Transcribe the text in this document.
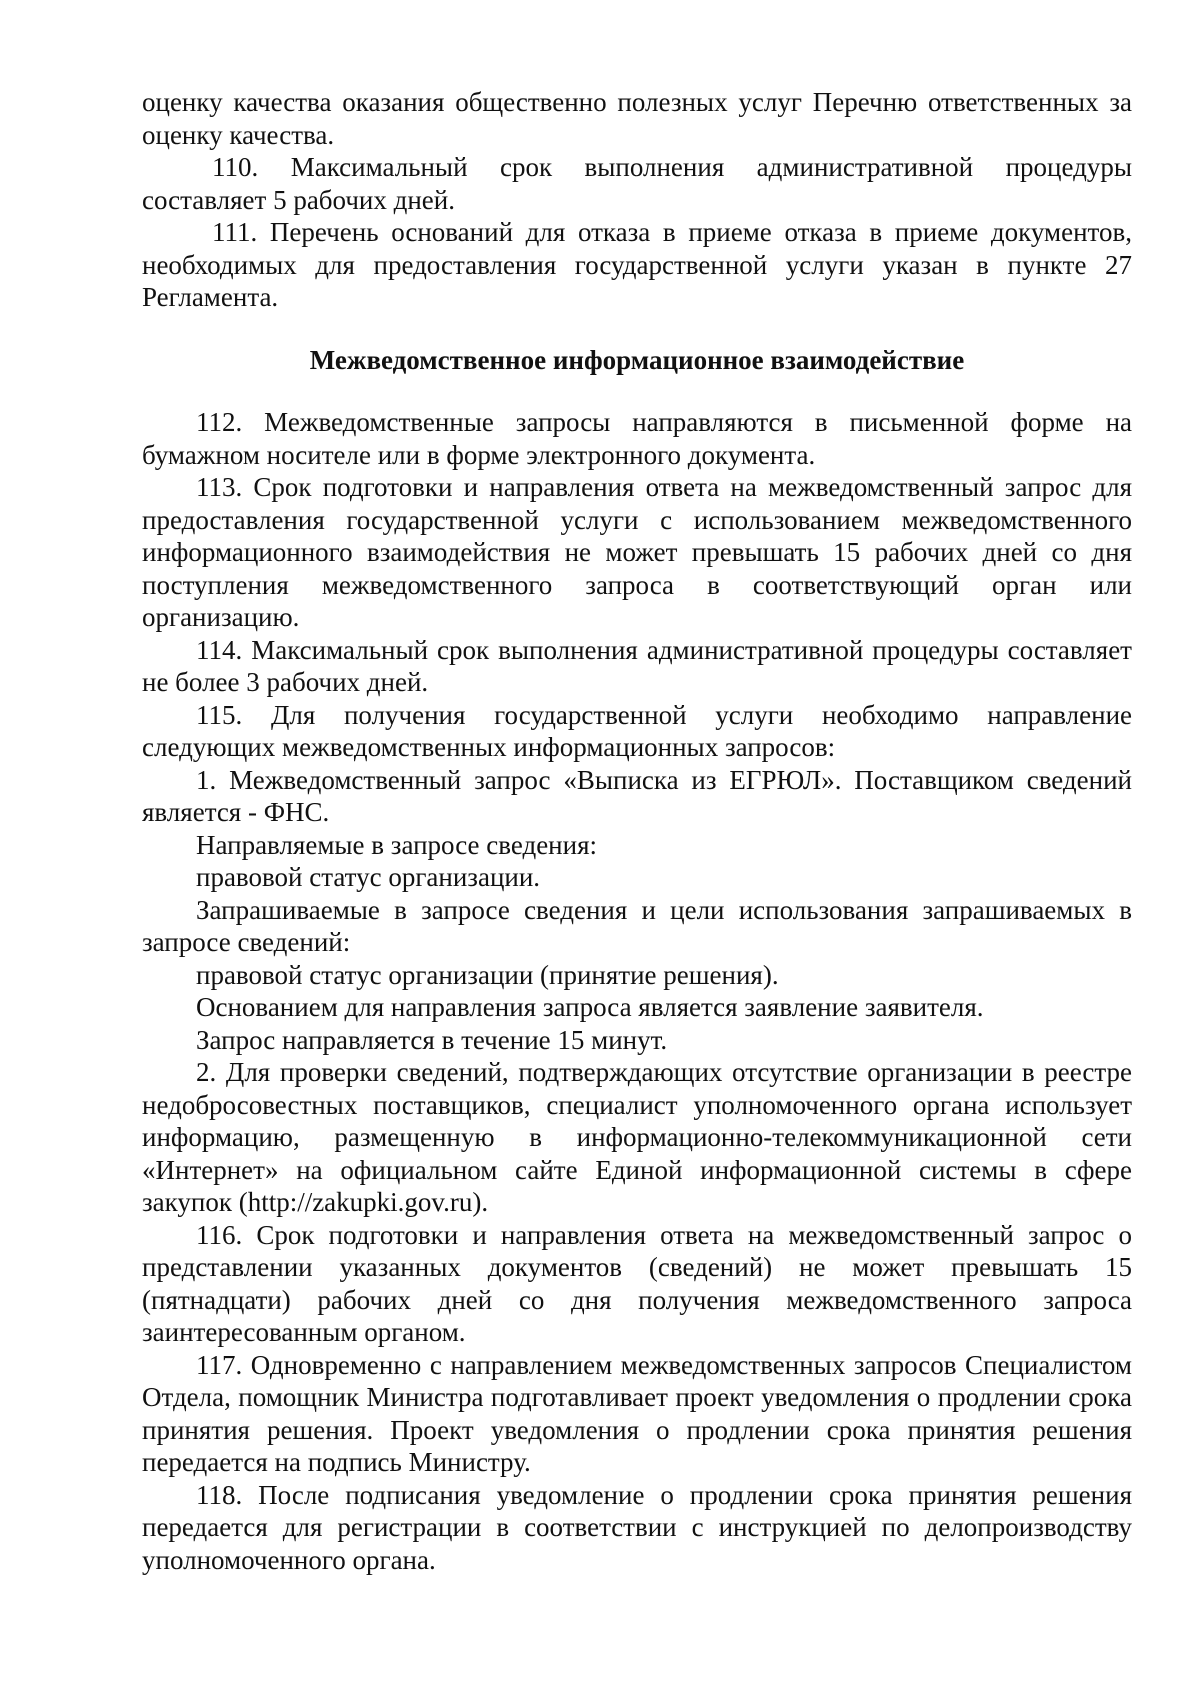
оценку качества оказания общественно полезных услуг Перечню ответственных за оценку качества.

110. Максимальный срок выполнения административной процедуры составляет 5 рабочих дней.

111. Перечень оснований для отказа в приеме отказа в приеме документов, необходимых для предоставления государственной услуги указан в пункте 27 Регламента.

Межведомственное информационное взаимодействие

112. Межведомственные запросы направляются в письменной форме на бумажном носителе или в форме электронного документа.

113. Срок подготовки и направления ответа на межведомственный запрос для предоставления государственной услуги с использованием межведомственного информационного взаимодействия не может превышать 15 рабочих дней со дня поступления межведомственного запроса в соответствующий орган или организацию.

114. Максимальный срок выполнения административной процедуры составляет не более 3 рабочих дней.

115. Для получения государственной услуги необходимо направление следующих межведомственных информационных запросов:

1. Межведомственный запрос «Выписка из ЕГРЮЛ». Поставщиком сведений является - ФНС.

Направляемые в запросе сведения:

правовой статус организации.

Запрашиваемые в запросе сведения и цели использования запрашиваемых в запросе сведений:

правовой статус организации (принятие решения).

Основанием для направления запроса является заявление заявителя.

Запрос направляется в течение 15 минут.

2. Для проверки сведений, подтверждающих отсутствие организации в реестре недобросовестных поставщиков, специалист уполномоченного органа использует информацию, размещенную в информационно-телекоммуникационной сети «Интернет» на официальном сайте Единой информационной системы в сфере закупок (http://zakupki.gov.ru).

116. Срок подготовки и направления ответа на межведомственный запрос о представлении указанных документов (сведений) не может превышать 15 (пятнадцати) рабочих дней со дня получения межведомственного запроса заинтересованным органом.

117. Одновременно с направлением межведомственных запросов Специалистом Отдела, помощник Министра подготавливает проект уведомления о продлении срока принятия решения. Проект уведомления о продлении срока принятия решения передается на подпись Министру.

118. После подписания уведомление о продлении срока принятия решения передается для регистрации в соответствии с инструкцией по делопроизводству уполномоченного органа.
